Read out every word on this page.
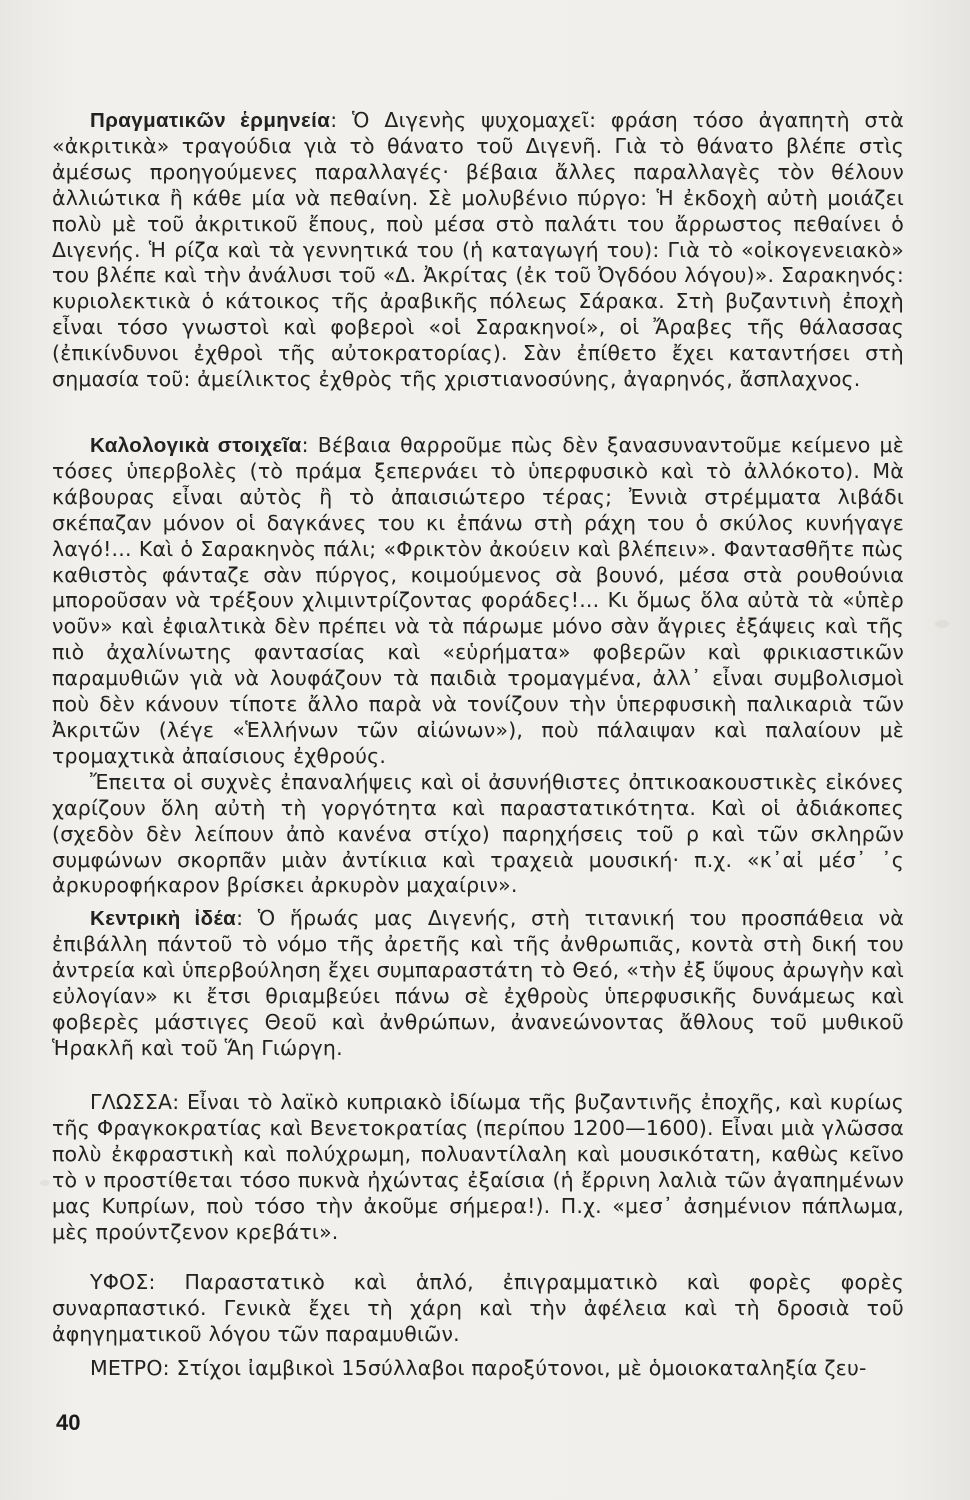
Πραγματικῶν ἑρμηνεία: Ὁ Διγενὴς ψυχομαχεῖ: φράση τόσο ἀγαπητὴ στὰ «ἀκριτικὰ» τραγούδια γιὰ τὸ θάνατο τοῦ Διγενῆ. Γιὰ τὸ θάνατο βλέπε στὶς ἀμέσως προηγούμενες παραλλαγές· βέβαια ἄλλες παραλλαγὲς τὸν θέλουν ἀλλιώτικα ἢ κάθε μία νὰ πεθαίνη. Σὲ μολυβένιο πύργο: Ἡ ἐκδοχὴ αὐτὴ μοιάζει πολὺ μὲ τοῦ ἀκριτικοῦ ἔπους, ποὺ μέσα στὸ παλάτι του ἄρρωστος πεθαίνει ὁ Διγενής. Ἡ ρίζα καὶ τὰ γεννητικά του (ἡ καταγωγή του): Γιὰ τὸ «οἰκογενειακὸ» του βλέπε καὶ τὴν ἀνάλυσι τοῦ «Δ. Ἀκρίτας (ἐκ τοῦ Ὀγδόου λόγου)». Σαρακηνός: κυριολεκτικὰ ὁ κάτοικος τῆς ἀραβικῆς πόλεως Σάρακα. Στὴ βυζαντινὴ ἐποχὴ εἶναι τόσο γνωστοὶ καὶ φοβεροὶ «οἱ Σαρακηνοί», οἱ Ἄραβες τῆς θάλασσας (ἐπικίνδυνοι ἐχθροὶ τῆς αὐτοκρατορίας). Σὰν ἐπίθετο ἔχει καταντήσει στὴ σημασία τοῦ: ἀμείλικτος ἐχθρὸς τῆς χριστιανοσύνης, ἀγαρηνός, ἄσπλαχνος.

Καλολογικὰ στοιχεῖα: Βέβαια θαρροῦμε πὼς δὲν ξανασυναντοῦμε κείμενο μὲ τόσες ὑπερβολὲς (τὸ πράμα ξεπερνάει τὸ ὑπερφυσικὸ καὶ τὸ ἀλλόκοτο). Μὰ κάβουρας εἶναι αὐτὸς ἢ τὸ ἀπαισιώτερο τέρας; Ἐννιὰ στρέμματα λιβάδι σκέπαζαν μόνον οἱ δαγκάνες του κι ἐπάνω στὴ ράχη του ὁ σκύλος κυνήγαγε λαγό!... Καὶ ὁ Σαρακηνὸς πάλι; «Φρικτὸν ἀκούειν καὶ βλέπειν». Φαντασθῆτε πὼς καθιστὸς φάνταζε σὰν πύργος, κοιμούμενος σὰ βουνό, μέσα στὰ ρουθούνια μποροῦσαν νὰ τρέξουν χλιμιντρίζοντας φοράδες!... Κι ὅμως ὅλα αὐτὰ τὰ «ὑπὲρ νοῦν» καὶ ἐφιαλτικὰ δὲν πρέπει νὰ τὰ πάρωμε μόνο σὰν ἄγριες ἐξάψεις καὶ τῆς πιὸ ἀχαλίνωτης φαντασίας καὶ «εὑρήματα» φοβερῶν καὶ φρικιαστικῶν παραμυθιῶν γιὰ νὰ λουφάζουν τὰ παιδιὰ τρομαγμένα, ἀλλ᾽ εἶναι συμβολισμοὶ ποὺ δὲν κάνουν τίποτε ἄλλο παρὰ νὰ τονίζουν τὴν ὑπερφυσικὴ παλικαριὰ τῶν Ἀκριτῶν (λέγε «Ἑλλήνων τῶν αἰώνων»), ποὺ πάλαιψαν καὶ παλαίουν μὲ τρομαχτικὰ ἀπαίσιους ἐχθρούς.

Ἔπειτα οἱ συχνὲς ἐπαναλήψεις καὶ οἱ ἀσυνήθιστες ὀπτικοακουστικὲς εἰκόνες χαρίζουν ὅλη αὐτὴ τὴ γοργότητα καὶ παραστατικότητα. Καὶ οἱ ἀδιάκοπες (σχεδὸν δὲν λείπουν ἀπὸ κανένα στίχο) παρηχήσεις τοῦ ρ καὶ τῶν σκληρῶν συμφώνων σκορπᾶν μιὰν ἀντίκιια καὶ τραχειὰ μουσική· π.χ. «κ᾽αἰ μέσ᾽ ᾽ς ἀρκυροφήκαρον βρίσκει ἀρκυρὸν μαχαίριν».

Κεντρικὴ ἰδέα: Ὁ ἥρωάς μας Διγενής, στὴ τιτανική του προσπάθεια νὰ ἐπιβάλλη πάντοῦ τὸ νόμο τῆς ἀρετῆς καὶ τῆς ἀνθρωπιᾶς, κοντὰ στὴ δική του ἀντρεία καὶ ὑπερβούληση ἔχει συμπαραστάτη τὸ Θεό, «τὴν ἐξ ὕψους ἀρωγὴν καὶ εὐλογίαν» κι ἔτσι θριαμβεύει πάνω σὲ ἐχθροὺς ὑπερφυσικῆς δυνάμεως καὶ φοβερὲς μάστιγες Θεοῦ καὶ ἀνθρώπων, ἀνανεώνοντας ἄθλους τοῦ μυθικοῦ Ἡρακλῆ καὶ τοῦ Ἅη Γιώργη.

ΓΛΩΣΣΑ: Εἶναι τὸ λαϊκὸ κυπριακὸ ἰδίωμα τῆς βυζαντινῆς ἐποχῆς, καὶ κυρίως τῆς Φραγκοκρατίας καὶ Βενετοκρατίας (περίπου 1200—1600). Εἶναι μιὰ γλῶσσα πολὺ ἐκφραστικὴ καὶ πολύχρωμη, πολυαντίλαλη καὶ μουσικότατη, καθὼς κεῖνο τὸ ν προστίθεται τόσο πυκνὰ ἠχώντας ἐξαίσια (ἡ ἔρρινη λαλιὰ τῶν ἀγαπημένων μας Κυπρίων, ποὺ τόσο τὴν ἀκοῦμε σήμερα!). Π.χ. «μεσ᾽ ἀσημένιον πάπλωμα, μὲς προύντζενον κρεβάτι».

ΥΦΟΣ: Παραστατικὸ καὶ ἁπλό, ἐπιγραμματικὸ καὶ φορὲς φορὲς συναρπαστικό. Γενικὰ ἔχει τὴ χάρη καὶ τὴν ἀφέλεια καὶ τὴ δροσιὰ τοῦ ἀφηγηματικοῦ λόγου τῶν παραμυθιῶν.

ΜΕΤΡΟ: Στίχοι ἰαμβικοὶ 15σύλλαβοι παροξύτονοι, μὲ ὁμοιοκαταληξία ζευ-

40
